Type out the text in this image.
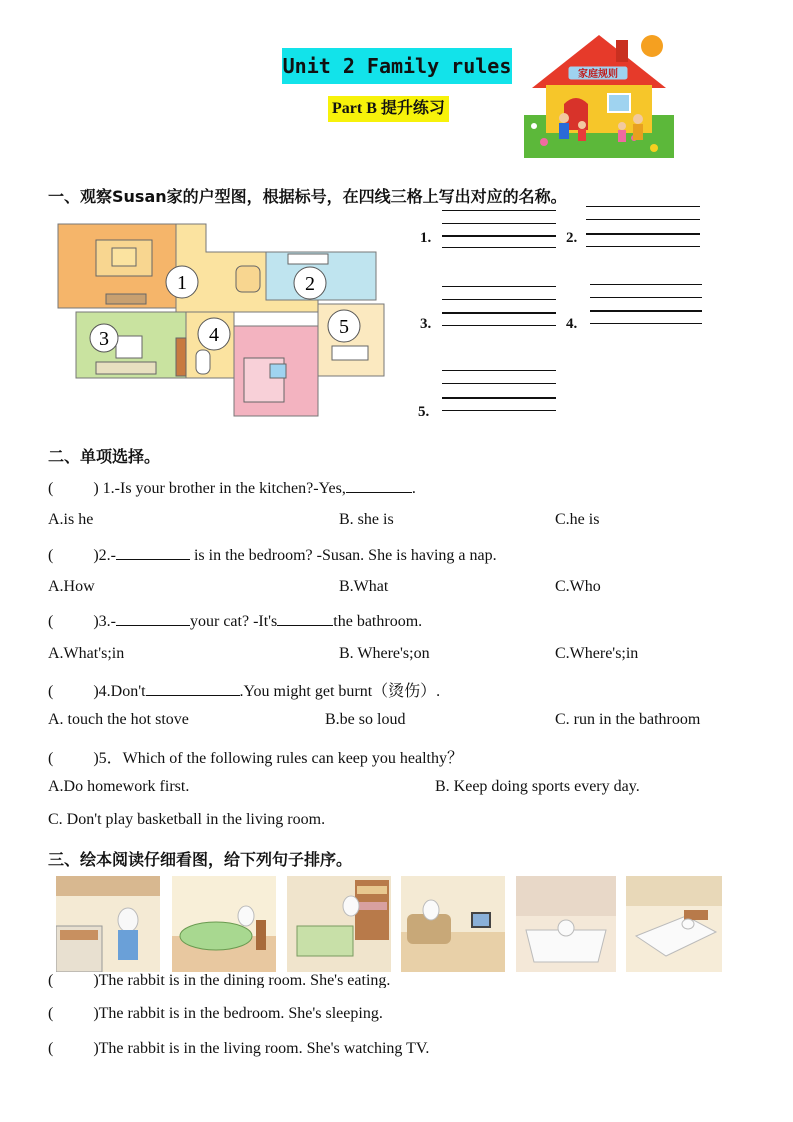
Unit 2 Family rules
Part B 提升练习
家庭规则
一、观察Susan家的户型图，根据标号，在四线三格上写出对应的名称。
1	2
3	4	5
1.	2.
3.	4.
5.
二、单项选择。
(	) 1.-Is your brother in the kitchen?-Yes,	.
A.is he	B. she is	C.he is
(	)2.-	is in the bedroom? -Susan. She is having a nap.
A.How	B.What	C.Who
(	)3.-	your cat? -It's	the bathroom.
A.What's;in	B. Where's;on	C.Where's;in
(	)4.Don't	.You might get burnt（烫伤）.
A. touch the hot stove	B.be so loud	C. run in the bathroom
(	)5．Which of the following rules can keep you healthy？
A.Do homework first.	B. Keep doing sports every day.
C. Don't play basketball in the living room.
三、绘本阅读仔细看图，给下列句子排序。
(	)The rabbit is in the dining room. She's eating.
(	)The rabbit is in the bedroom. She's sleeping.
(	)The rabbit is in the living room. She's watching TV.
